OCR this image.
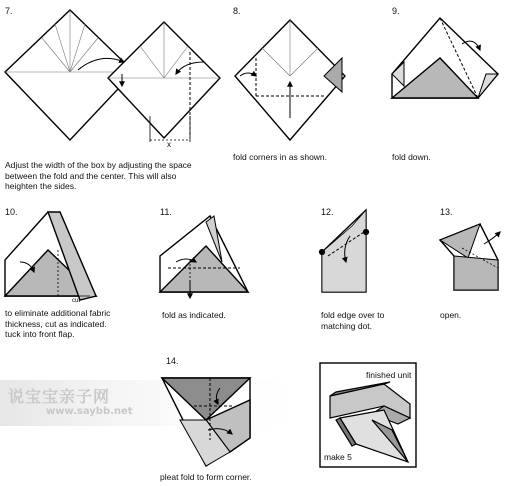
7.	8.	9.
10.	11.	12.	13.
14.
Adjust the width of the box by adjusting the space
between the fold and the center. This will also
heighten the sides.
fold corners in as shown.	fold down.
to eliminate additional fabric
thickness, cut as indicated.
tuck into front flap.
fold as indicated.	fold edge over to
matching dot.
open.
pleat fold to form corner.
x
cut
finished unit
make 5
说宝宝亲子网
www.saybb.net
